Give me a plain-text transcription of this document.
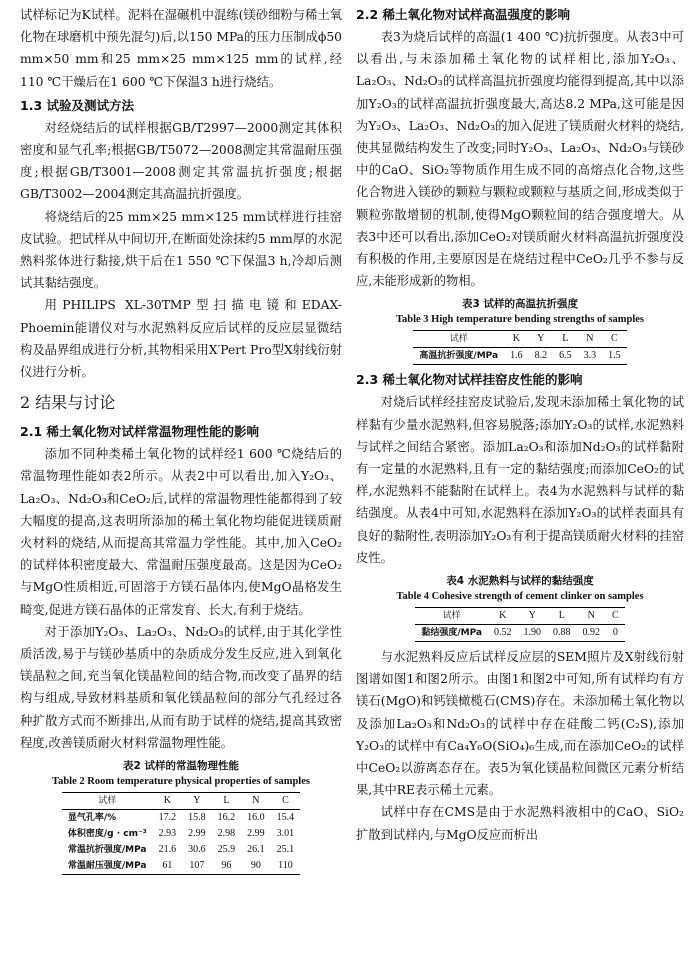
试样标记为K试样。泥料在湿碾机中混练(镁砂细粉与稀土氧化物在球磨机中预先混匀)后,以150 MPa的压力压制成ϕ50 mm×50 mm和25 mm×25 mm×125 mm的试样,经110 ℃干燥后在1 600 ℃下保温3 h进行烧结。

1.3 试验及测试方法

对经烧结后的试样根据GB/T2997—2000测定其体积密度和显气孔率;根据GB/T5072—2008测定其常温耐压强度;根据GB/T3001—2008测定其常温抗折强度;根据GB/T3002—2004测定其高温抗折强度。

将烧结后的25 mm×25 mm×125 mm试样进行挂窑皮试验。把试样从中间切开,在断面处涂抹约5 mm厚的水泥熟料浆体进行黏接,烘干后在1 550 ℃下保温3 h,冷却后测试其黏结强度。

用PHILIPS XL-30TMP型扫描电镜和EDAX-Phoemin能谱仪对与水泥熟料反应后试样的反应层显微结构及晶界组成进行分析,其物相采用X′Pert Pro型X射线衍射仪进行分析。

2 结果与讨论
2.1 稀土氧化物对试样常温物理性能的影响

添加不同种类稀土氧化物的试样经1 600 ℃烧结后的常温物理性能如表2所示。从表2中可以看出,加入Y₂O₃、La₂O₃、Nd₂O₃和CeO₂后,试样的常温物理性能都得到了较大幅度的提高,这表明所添加的稀土氧化物均能促进镁质耐火材料的烧结,从而提高其常温力学性能。其中,加入CeO₂的试样体积密度最大、常温耐压强度最高。这是因为CeO₂与MgO性质相近,可固溶于方镁石晶体内,使MgO晶格发生畸变,促进方镁石晶体的正常发育、长大,有利于烧结。

对于添加Y₂O₃、La₂O₃、Nd₂O₃的试样,由于其化学性质活泼,易于与镁砂基质中的杂质成分发生反应,进入到氧化镁晶粒之间,充当氧化镁晶粒间的结合物,而改变了晶界的结构与组成,导致材料基质和氧化镁晶粒间的部分气孔经过各种扩散方式而不断排出,从而有助于试样的烧结,提高其致密程度,改善镁质耐火材料常温物理性能。

表2 试样的常温物理性能

Table 2 Room temperature physical properties of samples

试样	K	Y	L	N	C
显气孔率/%	17.2	15.8	16.2	16.0	15.4
体积密度/g · cm⁻³	2.93	2.99	2.98	2.99	3.01
常温抗折强度/MPa	21.6	30.6	25.9	26.1	25.1
常温耐压强度/MPa	61	107	96	90	110
2.2 稀土氧化物对试样高温强度的影响

表3为烧后试样的高温(1 400 ℃)抗折强度。从表3中可以看出,与未添加稀土氧化物的试样相比,添加Y₂O₃、La₂O₃、Nd₂O₃的试样高温抗折强度均能得到提高,其中以添加Y₂O₃的试样高温抗折强度最大,高达8.2 MPa,这可能是因为Y₂O₃、La₂O₃、Nd₂O₃的加入促进了镁质耐火材料的烧结,使其显微结构发生了改变;同时Y₂O₃、La₂O₃、Nd₂O₃与镁砂中的CaO、SiO₂等物质作用生成不同的高熔点化合物,这些化合物进入镁砂的颗粒与颗粒或颗粒与基质之间,形成类似于颗粒弥散增韧的机制,使得MgO颗粒间的结合强度增大。从表3中还可以看出,添加CeO₂对镁质耐火材料高温抗折强度没有积极的作用,主要原因是在烧结过程中CeO₂几乎不参与反应,未能形成新的物相。

表3 试样的高温抗折强度

Table 3 High temperature bending strengths of samples

试样	K	Y	L	N	C
高温抗折强度/MPa	1.6	8.2	6.5	3.3	1.5
2.3 稀土氧化物对试样挂窑皮性能的影响

对烧后试样经挂窑皮试验后,发现未添加稀土氧化物的试样黏有少量水泥熟料,但容易脱落;添加Y₂O₃的试样,水泥熟料与试样之间结合紧密。添加La₂O₃和添加Nd₂O₃的试样黏附有一定量的水泥熟料,且有一定的黏结强度;而添加CeO₂的试样,水泥熟料不能黏附在试样上。表4为水泥熟料与试样的黏结强度。从表4中可知,水泥熟料在添加Y₂O₃的试样表面具有良好的黏附性,表明添加Y₂O₃有利于提高镁质耐火材料的挂窑皮性。

表4 水泥熟料与试样的黏结强度

Table 4 Cohesive strength of cement clinker on samples

试样	K	Y	L	N	C
黏结强度/MPa	0.52	1.90	0.88	0.92	0

与水泥熟料反应后试样反应层的SEM照片及X射线衍射图谱如图1和图2所示。由图1和图2中可知,所有试样均有方镁石(MgO)和钙镁橄榄石(CMS)存在。未添加稀土氧化物以及添加La₂O₃和Nd₂O₃的试样中存在硅酸二钙(C₂S),添加Y₂O₃的试样中有Ca₄Y₆O(SiO₄)₆生成,而在添加CeO₂的试样中CeO₂以游离态存在。表5为氧化镁晶粒间微区元素分析结果,其中RE表示稀土元素。

试样中存在CMS是由于水泥熟料液相中的CaO、SiO₂扩散到试样内,与MgO反应而析出
